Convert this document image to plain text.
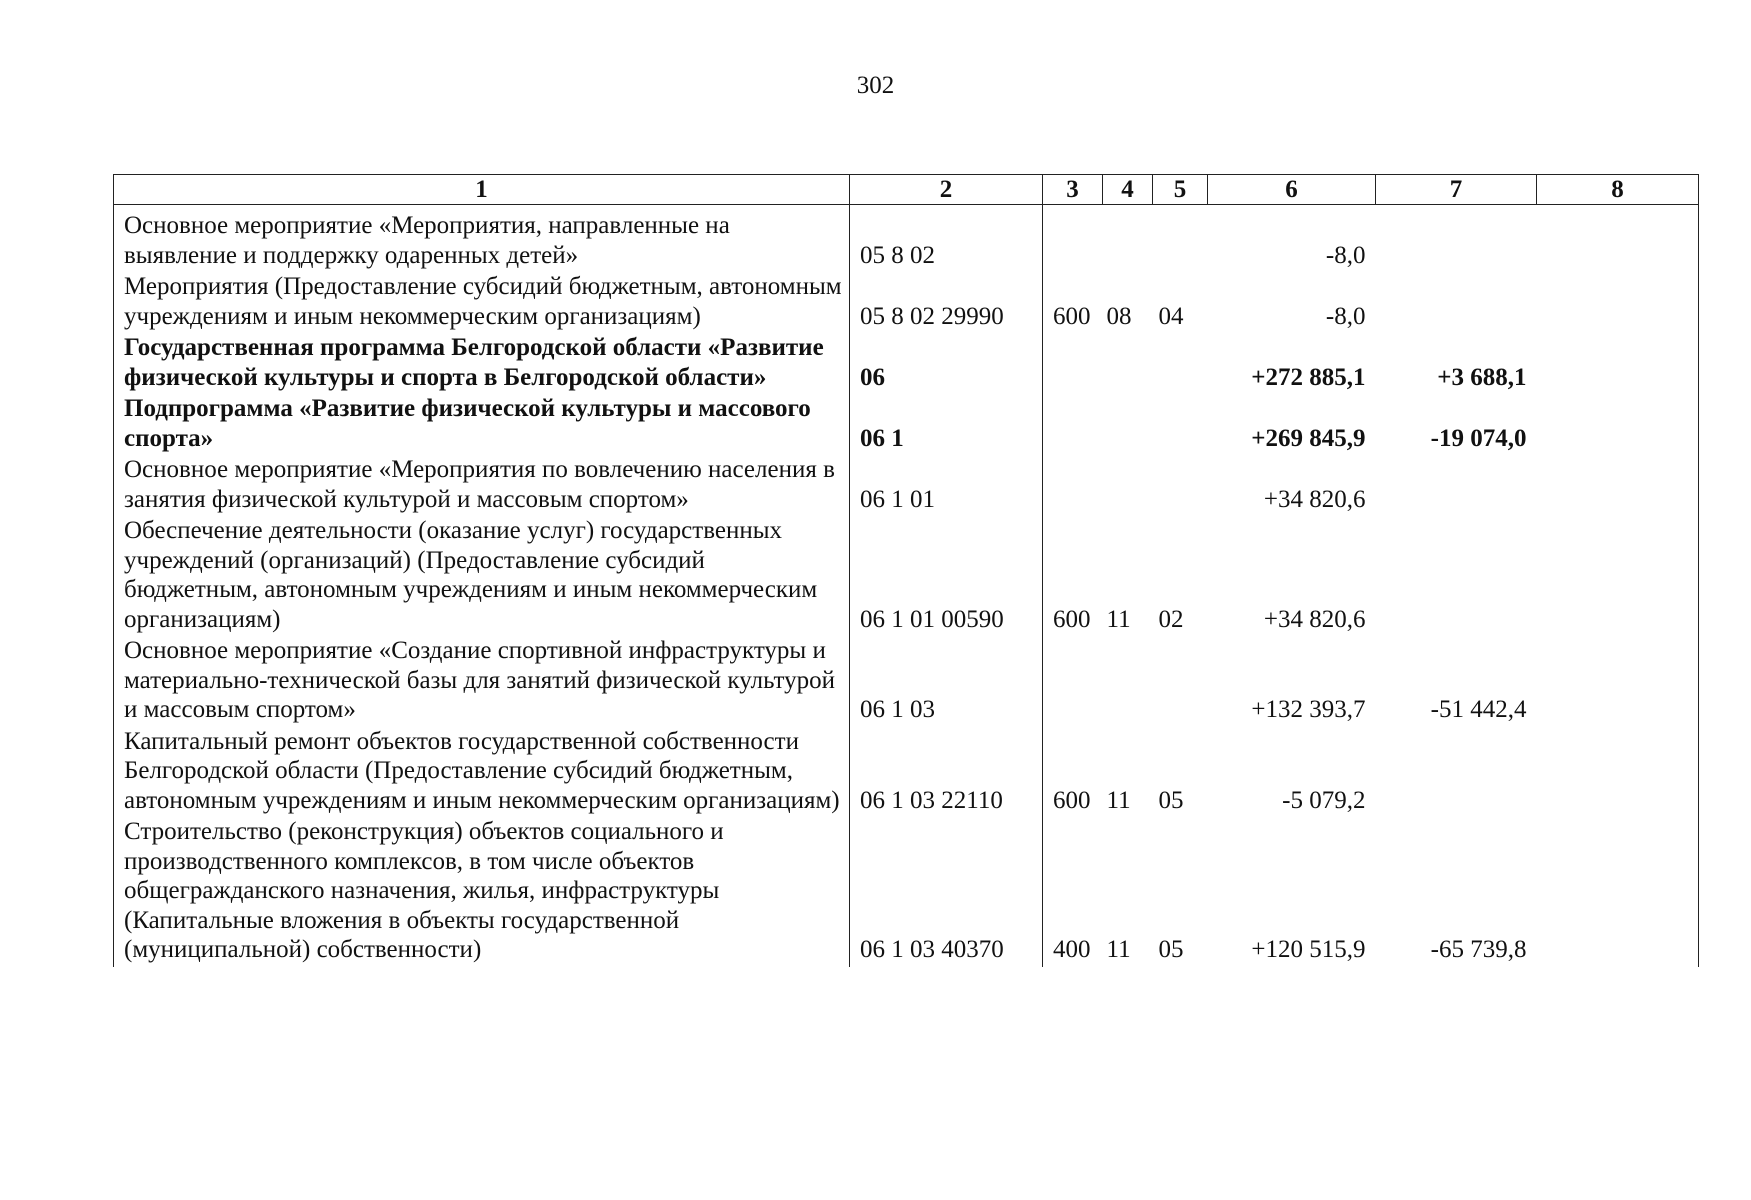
302
1	2	3	4	5	6	7	8
Основное мероприятие «Мероприятия, направленные на выявление и поддержку одаренных детей»	05 8 02				-8,0		
Мероприятия (Предоставление субсидий бюджетным, автономным учреждениям и иным некоммерческим организациям)	05 8 02 29990	600	08	04	-8,0		
Государственная программа Белгородской области «Развитие физической культуры и спорта в Белгородской области»	06				+272 885,1	+3 688,1	
Подпрограмма «Развитие физической культуры и массового спорта»	06 1				+269 845,9	-19 074,0	
Основное мероприятие «Мероприятия по вовлечению населения в занятия физической культурой и массовым спортом»	06 1 01				+34 820,6		
Обеспечение деятельности (оказание услуг) государственных учреждений (организаций) (Предоставление субсидий бюджетным, автономным учреждениям и иным некоммерческим организациям)	06 1 01 00590	600	11	02	+34 820,6		
Основное мероприятие «Создание спортивной инфраструктуры и материально-технической базы для занятий физической культурой и массовым спортом»	06 1 03				+132 393,7	-51 442,4	
Капитальный ремонт объектов государственной собственности Белгородской области (Предоставление субсидий бюджетным, автономным учреждениям и иным некоммерческим организациям)	06 1 03 22110	600	11	05	-5 079,2		
Строительство (реконструкция) объектов социального и производственного комплексов, в том числе объектов общегражданского назначения, жилья, инфраструктуры (Капитальные вложения в объекты государственной (муниципальной) собственности)	06 1 03 40370	400	11	05	+120 515,9	-65 739,8	
